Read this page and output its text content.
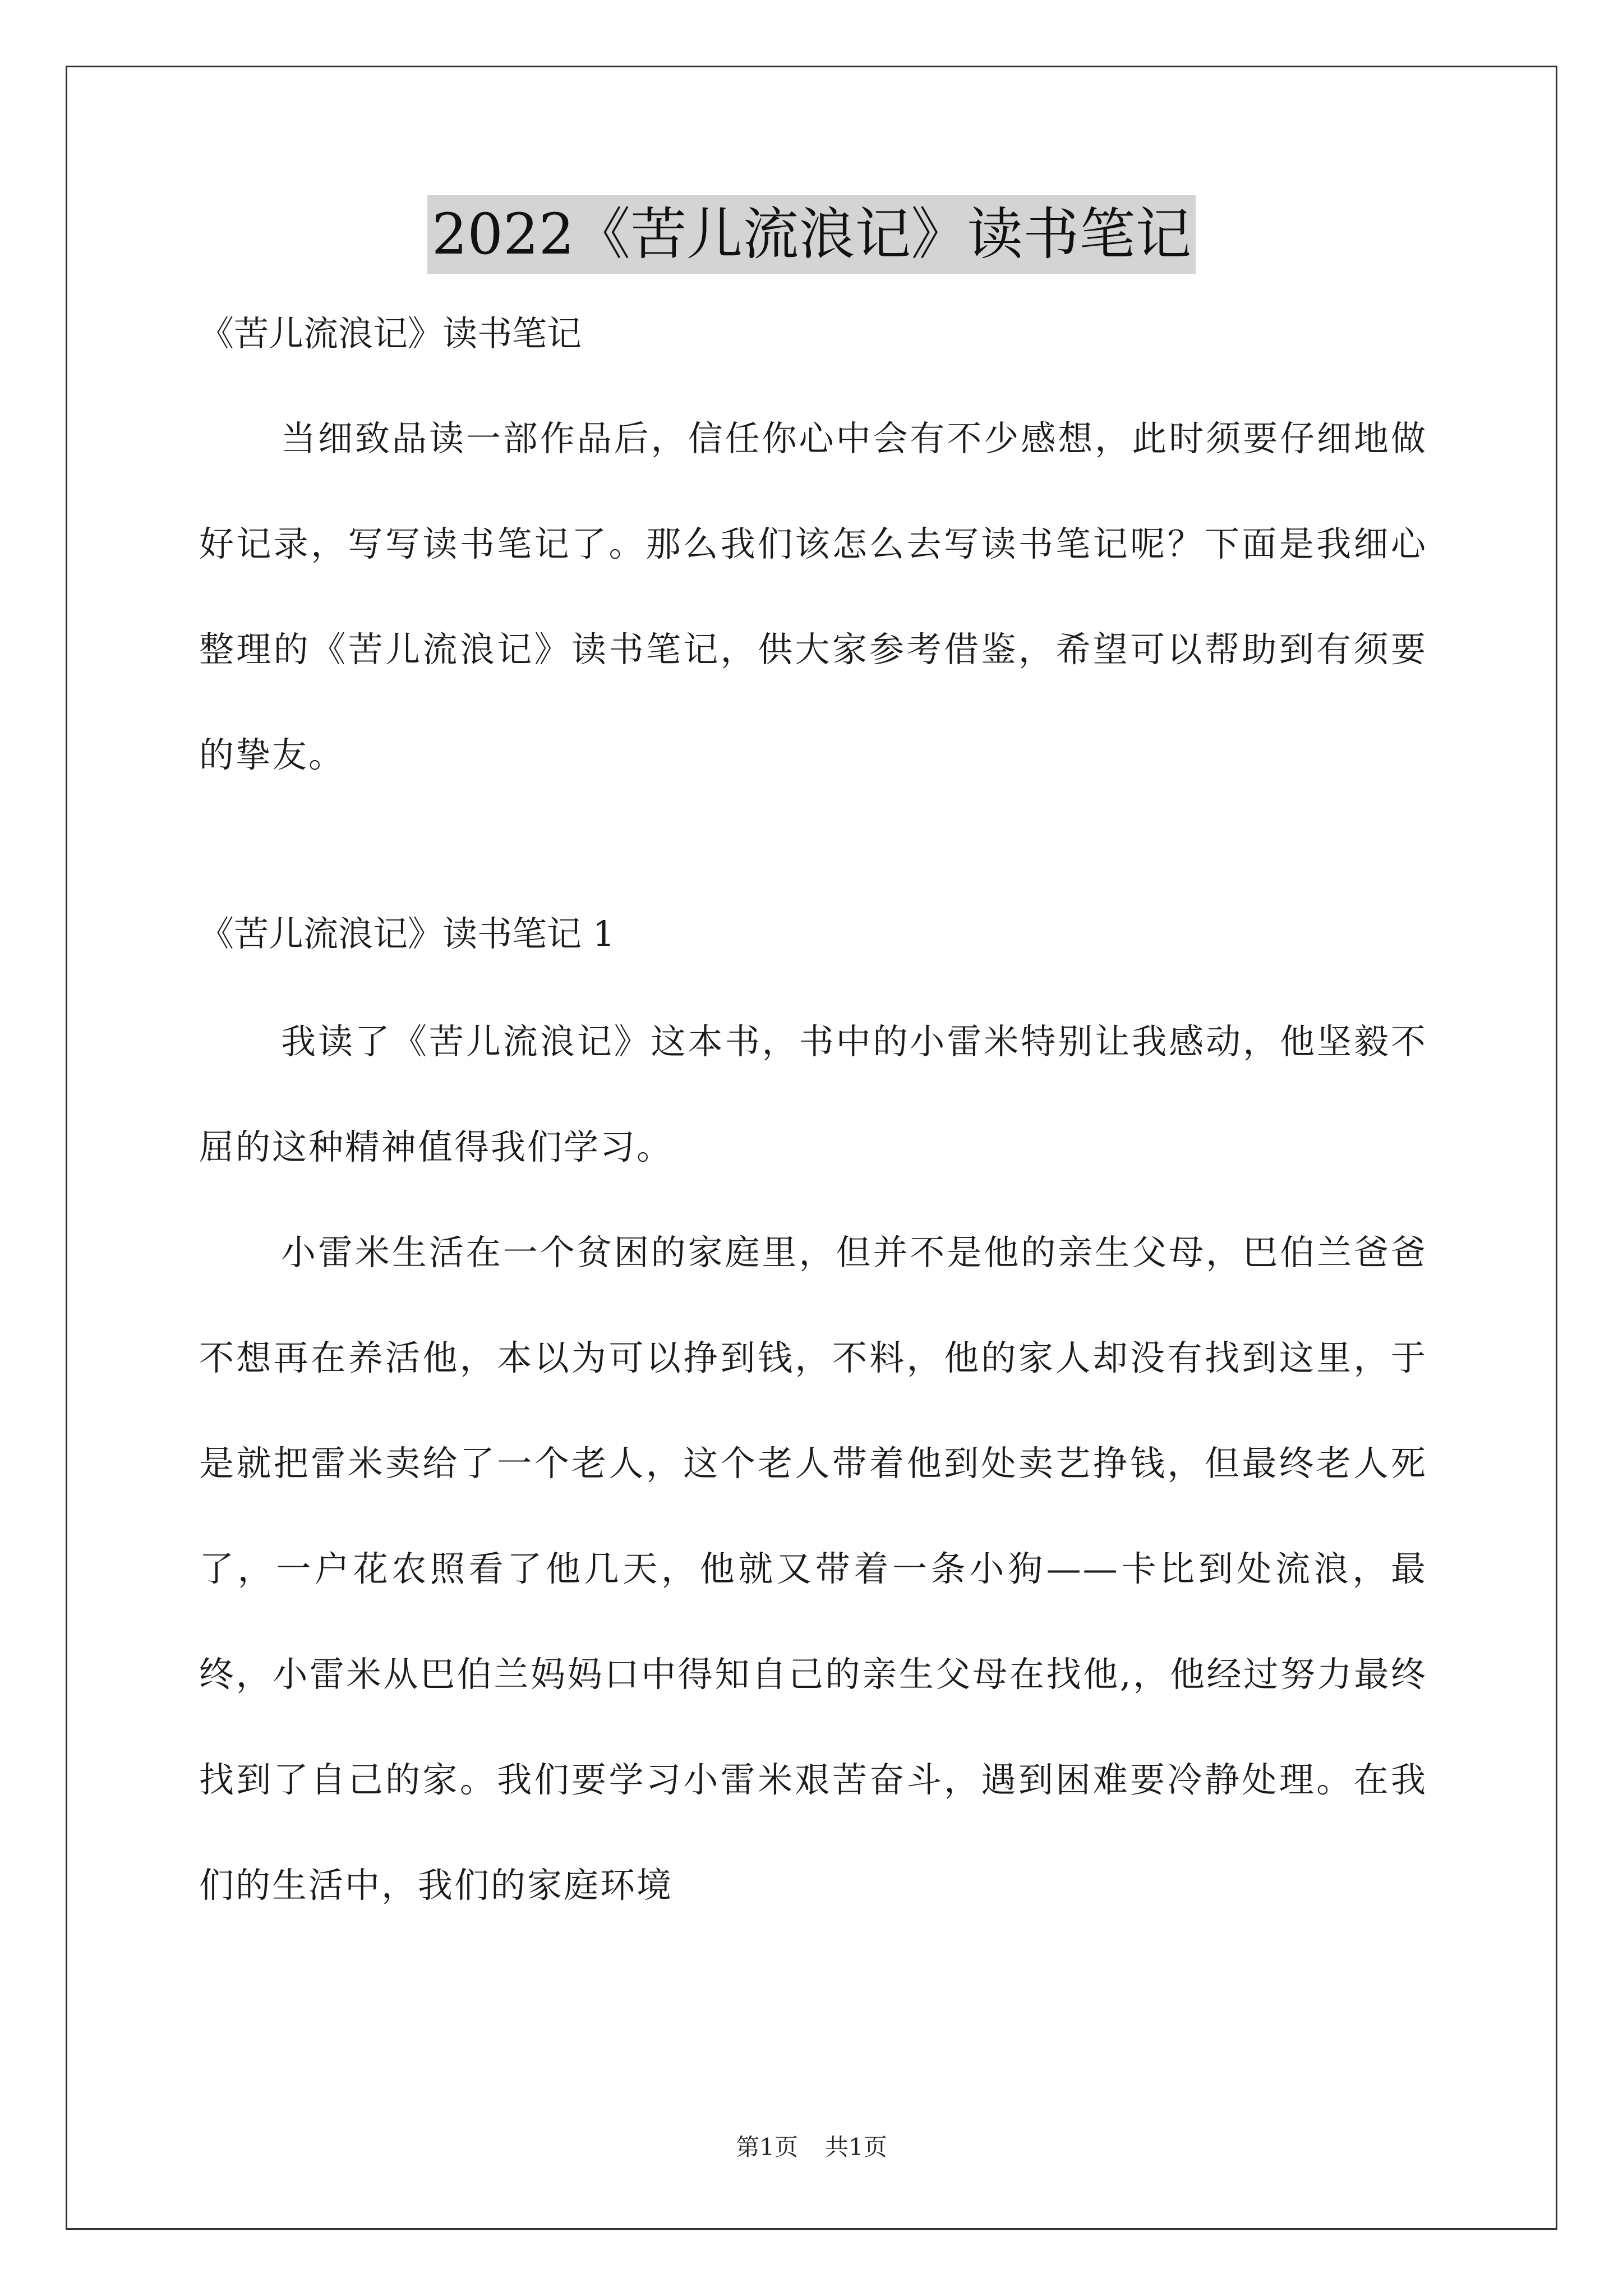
2022《苦儿流浪记》读书笔记

《苦儿流浪记》读书笔记

当细致品读一部作品后，信任你心中会有不少感想，此时须要仔细地做好记录，写写读书笔记了。那么我们该怎么去写读书笔记呢？下面是我细心整理的《苦儿流浪记》读书笔记，供大家参考借鉴，希望可以帮助到有须要的挚友。

《苦儿流浪记》读书笔记 1

我读了《苦儿流浪记》这本书，书中的小雷米特别让我感动，他坚毅不屈的这种精神值得我们学习。

小雷米生活在一个贫困的家庭里，但并不是他的亲生父母，巴伯兰爸爸不想再在养活他，本以为可以挣到钱，不料，他的家人却没有找到这里，于是就把雷米卖给了一个老人，这个老人带着他到处卖艺挣钱，但最终老人死了，一户花农照看了他几天，他就又带着一条小狗——卡比到处流浪，最终，小雷米从巴伯兰妈妈口中得知自己的亲生父母在找他,，他经过努力最终找到了自己的家。我们要学习小雷米艰苦奋斗，遇到困难要冷静处理。在我们的生活中，我们的家庭环境

第1页 共1页
